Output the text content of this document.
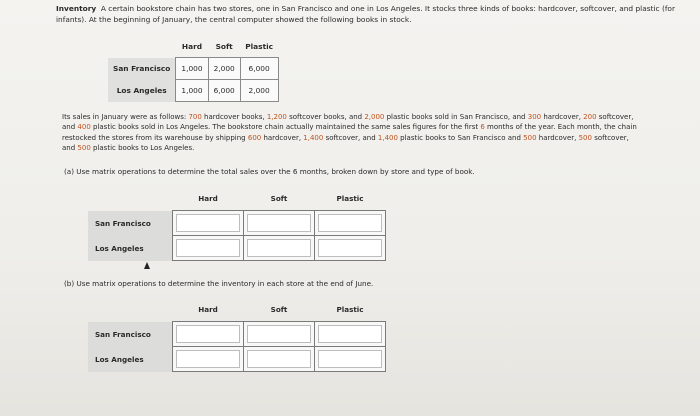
Inventory A certain bookstore chain has two stores, one in San Francisco and one in Los Angeles. It stocks three kinds of books: hardcover, softcover, and plastic (for infants). At the beginning of January, the central computer showed the following books in stock.
	Hard	Soft	Plastic
San Francisco	1,000	2,000	6,000
Los Angeles	1,000	6,000	2,000
Its sales in January were as follows: 700 hardcover books, 1,200 softcover books, and 2,000 plastic books sold in San Francisco, and 300 hardcover, 200 softcover, and 400 plastic books sold in Los Angeles. The bookstore chain actually maintained the same sales figures for the first 6 months of the year. Each month, the chain restocked the stores from its warehouse by shipping 600 hardcover, 1,400 softcover, and 1,400 plastic books to San Francisco and 500 hardcover, 500 softcover, and 500 plastic books to Los Angeles.
(a) Use matrix operations to determine the total sales over the 6 months, broken down by store and type of book.
	Hard	Soft	Plastic
San Francisco	

Los Angeles	

(b) Use matrix operations to determine the inventory in each store at the end of June.
	Hard	Soft	Plastic
San Francisco	

Los Angeles	
